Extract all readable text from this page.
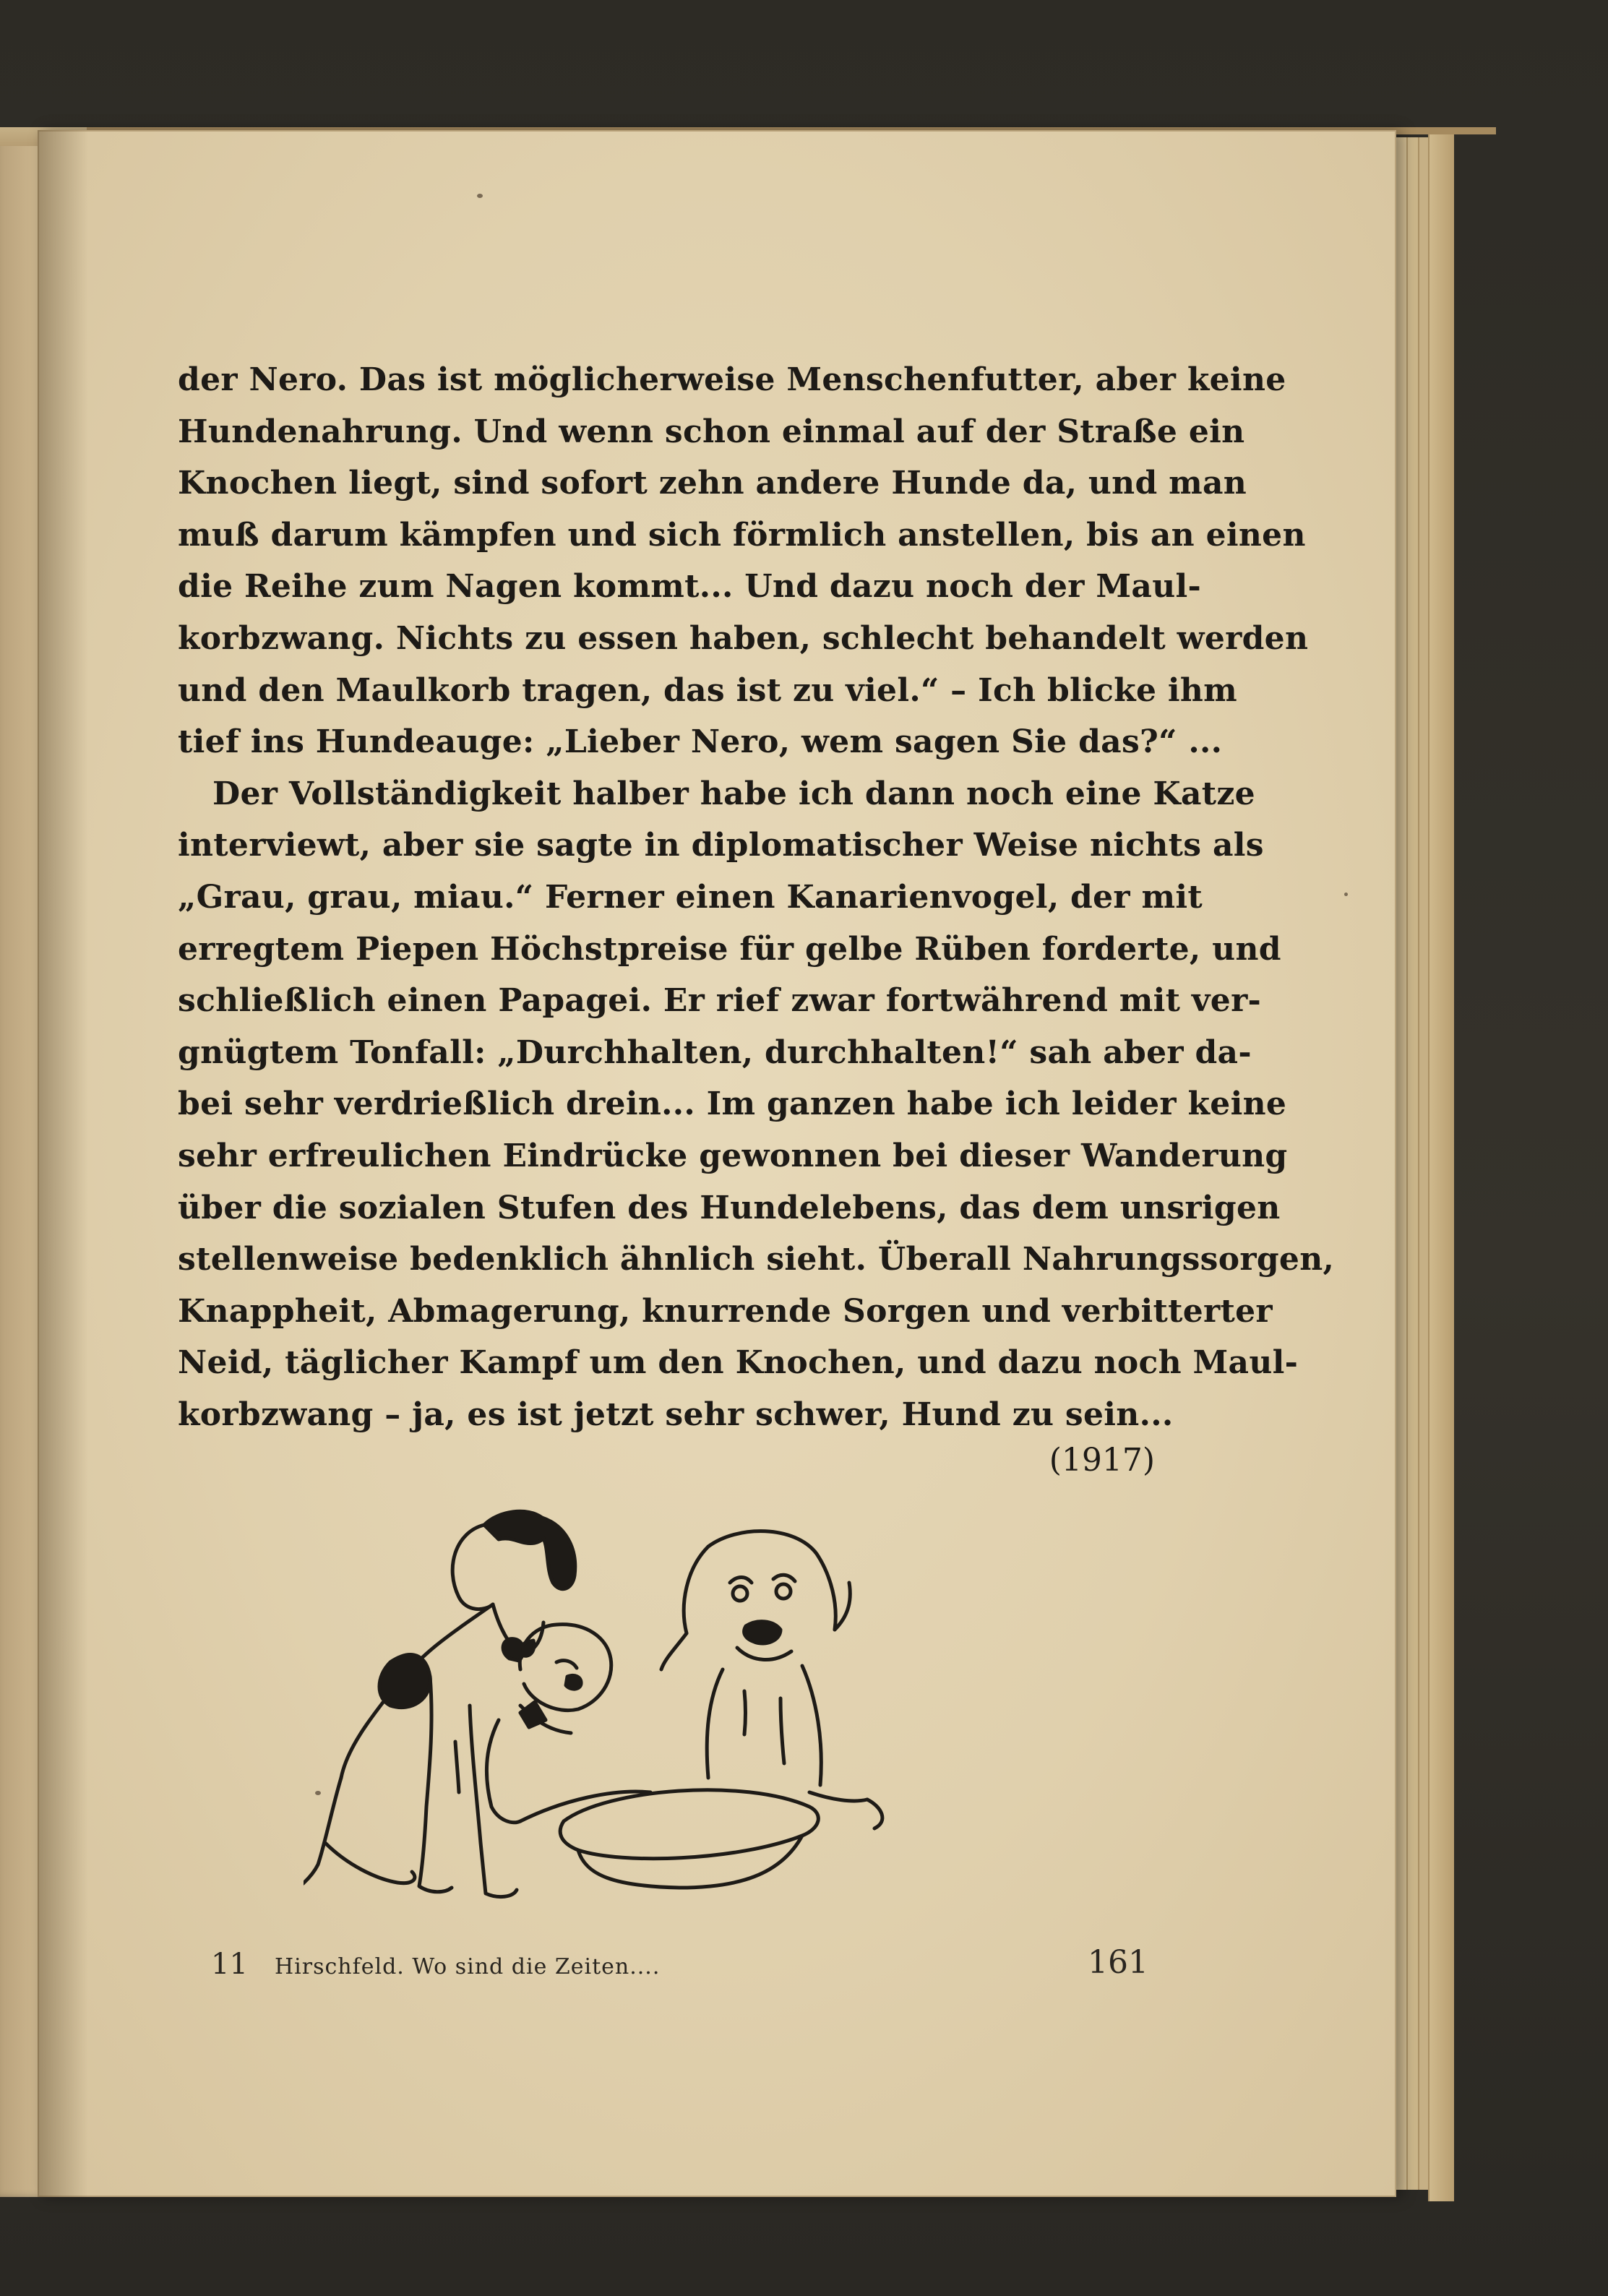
der Nero. Das ist möglicherweise Menschenfutter, aber keine
Hundenahrung. Und wenn schon einmal auf der Straße ein
Knochen liegt, sind sofort zehn andere Hunde da, und man
muß darum kämpfen und sich förmlich anstellen, bis an einen
die Reihe zum Nagen kommt... Und dazu noch der Maul-
korbzwang. Nichts zu essen haben, schlecht behandelt werden
und den Maulkorb tragen, das ist zu viel.“ – Ich blicke ihm
tief ins Hundeauge: „Lieber Nero, wem sagen Sie das?“ ...
Der Vollständigkeit halber habe ich dann noch eine Katze
interviewt, aber sie sagte in diplomatischer Weise nichts als
„Grau, grau, miau.“ Ferner einen Kanarienvogel, der mit
erregtem Piepen Höchstpreise für gelbe Rüben forderte, und
schließlich einen Papagei. Er rief zwar fortwährend mit ver-
gnügtem Tonfall: „Durchhalten, durchhalten!“ sah aber da-
bei sehr verdrießlich drein... Im ganzen habe ich leider keine
sehr erfreulichen Eindrücke gewonnen bei dieser Wanderung
über die sozialen Stufen des Hundelebens, das dem unsrigen
stellenweise bedenklich ähnlich sieht. Überall Nahrungssorgen,
Knappheit, Abmagerung, knurrende Sorgen und verbitterter
Neid, täglicher Kampf um den Knochen, und dazu noch Maul-
korbzwang – ja, es ist jetzt sehr schwer, Hund zu sein...
(1917)
11 Hirschfeld. Wo sind die Zeiten....	161
